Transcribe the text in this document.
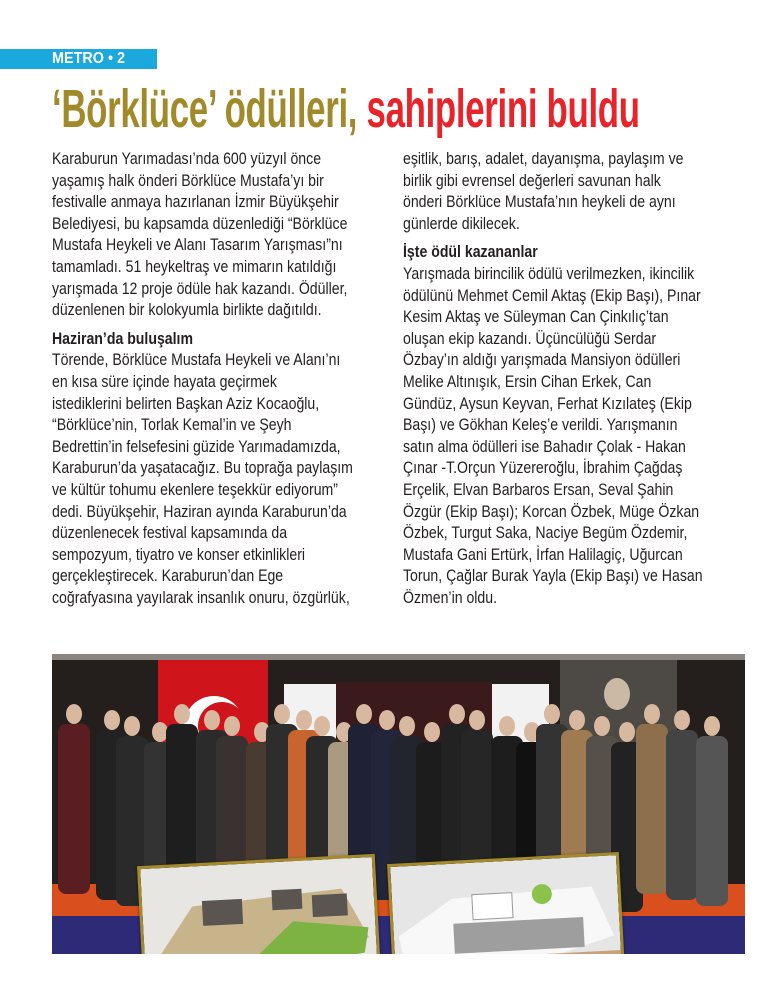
METRO • 2
‘Börklüce’ ödülleri, sahiplerini buldu
Karaburun Yarımadası’nda 600 yüzyıl önce
yaşamış halk önderi Börklüce Mustafa’yı bir
festivalle anmaya hazırlanan İzmir Büyükşehir
Belediyesi, bu kapsamda düzenlediği “Börklüce
Mustafa Heykeli ve Alanı Tasarım Yarışması”nı
tamamladı. 51 heykeltraş ve mimarın katıldığı
yarışmada 12 proje ödüle hak kazandı. Ödüller,
düzenlenen bir kolokyumla birlikte dağıtıldı.
Haziran’da buluşalım
Törende, Börklüce Mustafa Heykeli ve Alanı’nı
en kısa süre içinde hayata geçirmek
istediklerini belirten Başkan Aziz Kocaoğlu,
“Börklüce’nin, Torlak Kemal’in ve Şeyh
Bedrettin’in felsefesini güzide Yarımadamızda,
Karaburun’da yaşatacağız. Bu toprağa paylaşım
ve kültür tohumu ekenlere teşekkür ediyorum”
dedi. Büyükşehir, Haziran ayında Karaburun’da
düzenlenecek festival kapsamında da
sempozyum, tiyatro ve konser etkinlikleri
gerçekleştirecek. Karaburun’dan Ege
coğrafyasına yayılarak insanlık onuru, özgürlük,
eşitlik, barış, adalet, dayanışma, paylaşım ve
birlik gibi evrensel değerleri savunan halk
önderi Börklüce Mustafa’nın heykeli de aynı
günlerde dikilecek.
İşte ödül kazananlar
Yarışmada birincilik ödülü verilmezken, ikincilik
ödülünü Mehmet Cemil Aktaş (Ekip Başı), Pınar
Kesim Aktaş ve Süleyman Can Çinkılıç’tan
oluşan ekip kazandı. Üçüncülüğü Serdar
Özbay’ın aldığı yarışmada Mansiyon ödülleri
Melike Altınışık, Ersin Cihan Erkek, Can
Gündüz, Aysun Keyvan, Ferhat Kızılateş (Ekip
Başı) ve Gökhan Keleş’e verildi. Yarışmanın
satın alma ödülleri ise Bahadır Çolak - Hakan
Çınar -T.Orçun Yüzereroğlu, İbrahim Çağdaş
Erçelik, Elvan Barbaros Ersan, Seval Şahin
Özgür (Ekip Başı); Korcan Özbek, Müge Özkan
Özbek, Turgut Saka, Naciye Begüm Özdemir,
Mustafa Gani Ertürk, İrfan Halilagiç, Uğurcan
Torun, Çağlar Burak Yayla (Ekip Başı) ve Hasan
Özmen’in oldu.
